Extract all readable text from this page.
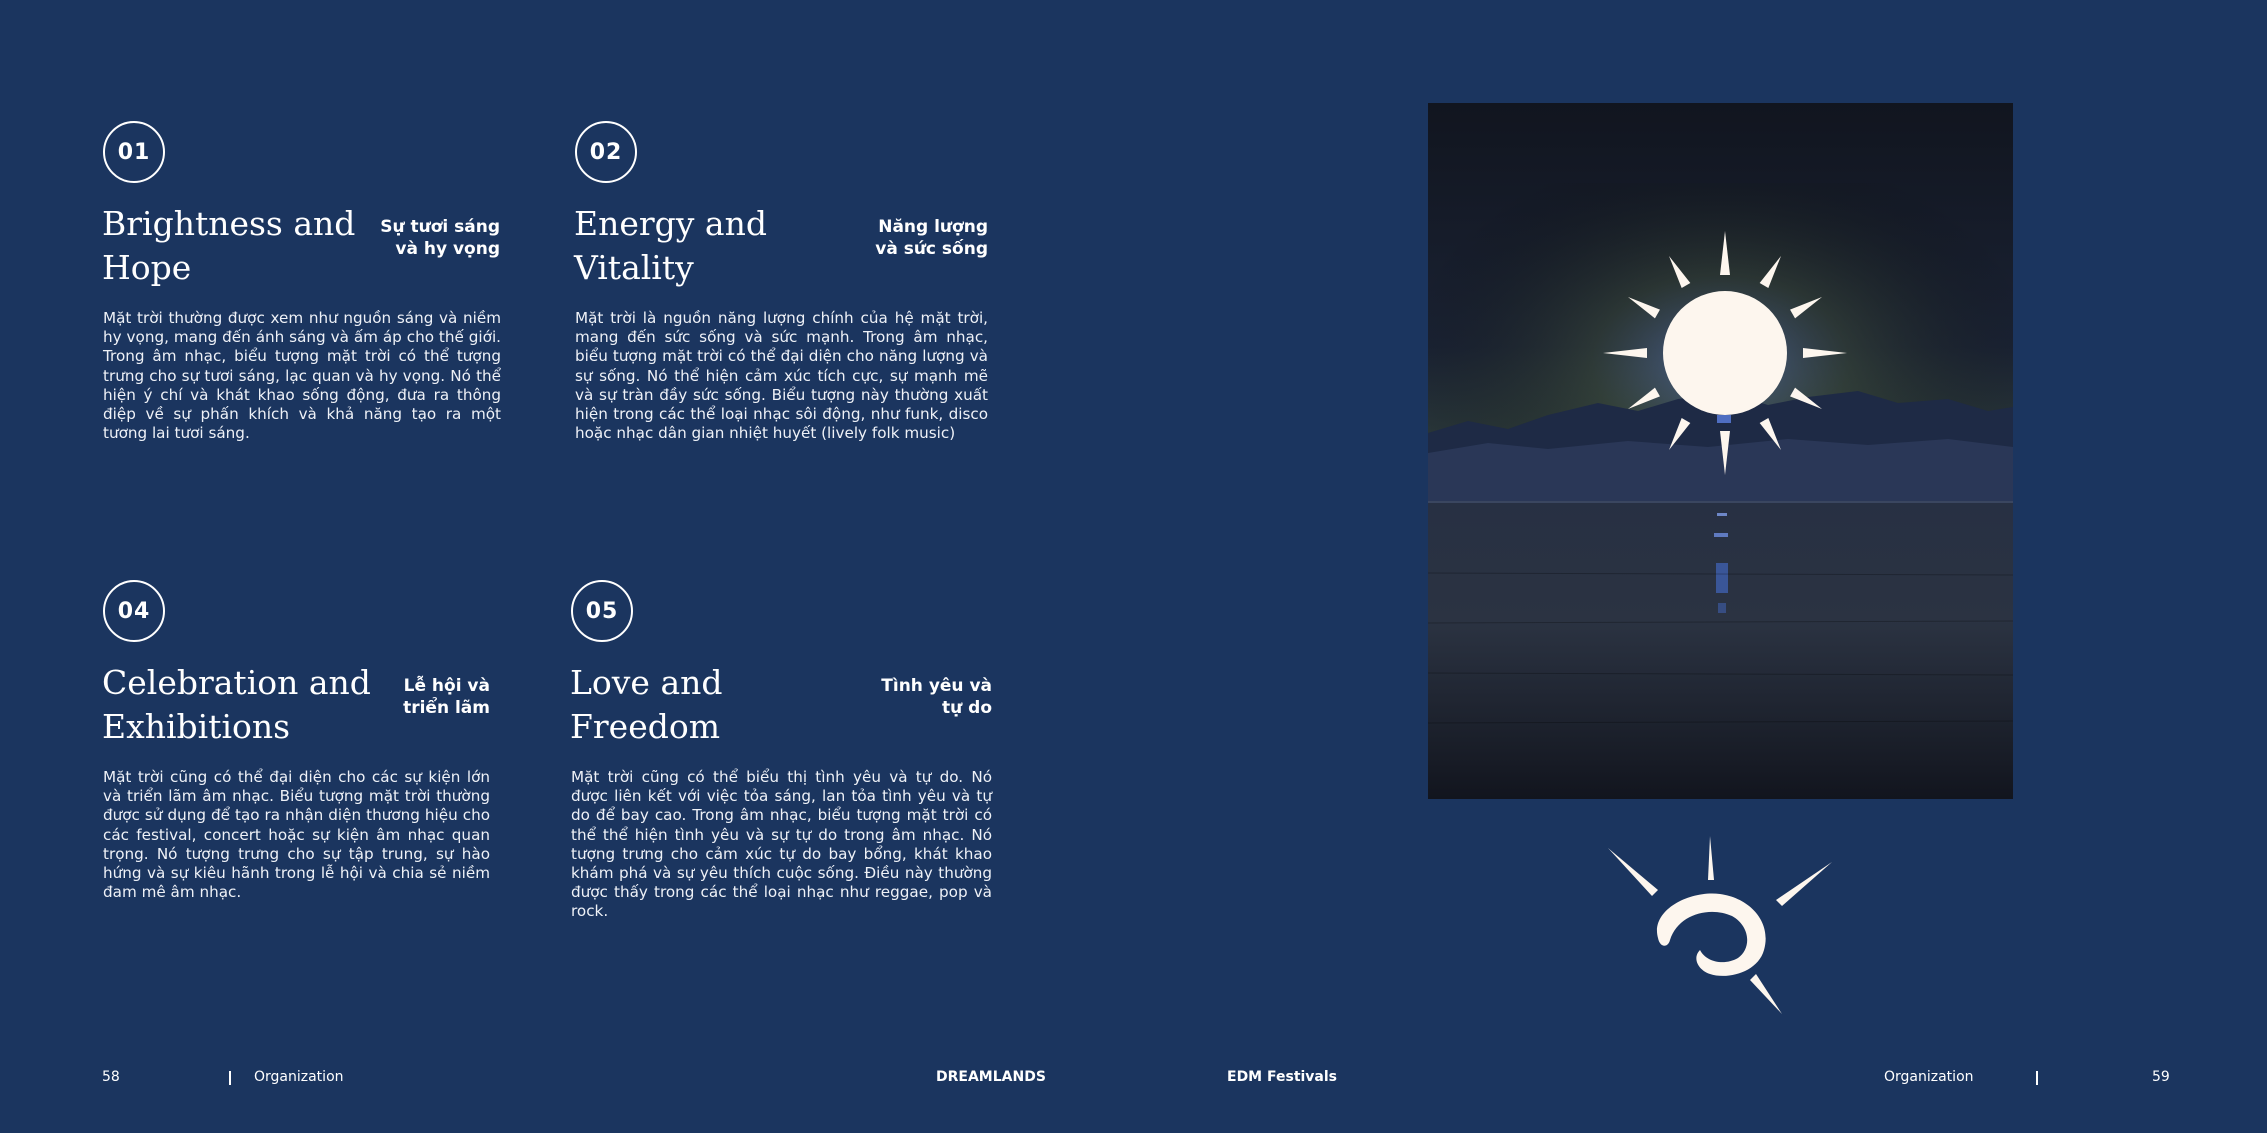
01
Brightness and
Hope
Sự tươi sáng
và hy vọng
Mặt trời thường được xem như nguồn sáng và niềm hy vọng, mang đến ánh sáng và ấm áp cho thế giới. Trong âm nhạc, biểu tượng mặt trời có thể tượng trưng cho sự tươi sáng, lạc quan và hy vọng. Nó thể hiện ý chí và khát khao sống động, đưa ra thông điệp về sự phấn khích và khả năng tạo ra một tương lai tươi sáng.
02
Energy and
Vitality
Năng lượng
và sức sống
Mặt trời là nguồn năng lượng chính của hệ mặt trời, mang đến sức sống và sức mạnh. Trong âm nhạc, biểu tượng mặt trời có thể đại diện cho năng lượng và sự sống. Nó thể hiện cảm xúc tích cực, sự mạnh mẽ và sự tràn đầy sức sống. Biểu tượng này thường xuất hiện trong các thể loại nhạc sôi động, như funk, disco hoặc nhạc dân gian nhiệt huyết (lively folk music)
04
Celebration and
Exhibitions
Lễ hội và
triển lãm
Mặt trời cũng có thể đại diện cho các sự kiện lớn và triển lãm âm nhạc. Biểu tượng mặt trời thường được sử dụng để tạo ra nhận diện thương hiệu cho các festival, concert hoặc sự kiện âm nhạc quan trọng. Nó tượng trưng cho sự tập trung, sự hào hứng và sự kiêu hãnh trong lễ hội và chia sẻ niềm đam mê âm nhạc.
05
Love and
Freedom
Tình yêu và
tự do
Mặt trời cũng có thể biểu thị tình yêu và tự do. Nó được liên kết với việc tỏa sáng, lan tỏa tình yêu và tự do để bay cao. Trong âm nhạc, biểu tượng mặt trời có thể thể hiện tình yêu và sự tự do trong âm nhạc. Nó tượng trưng cho cảm xúc tự do bay bổng, khát khao khám phá và sự yêu thích cuộc sống. Điều này thường được thấy trong các thể loại nhạc như reggae, pop và rock.
58	Organization	DREAMLANDS	EDM Festivals	Organization	59
